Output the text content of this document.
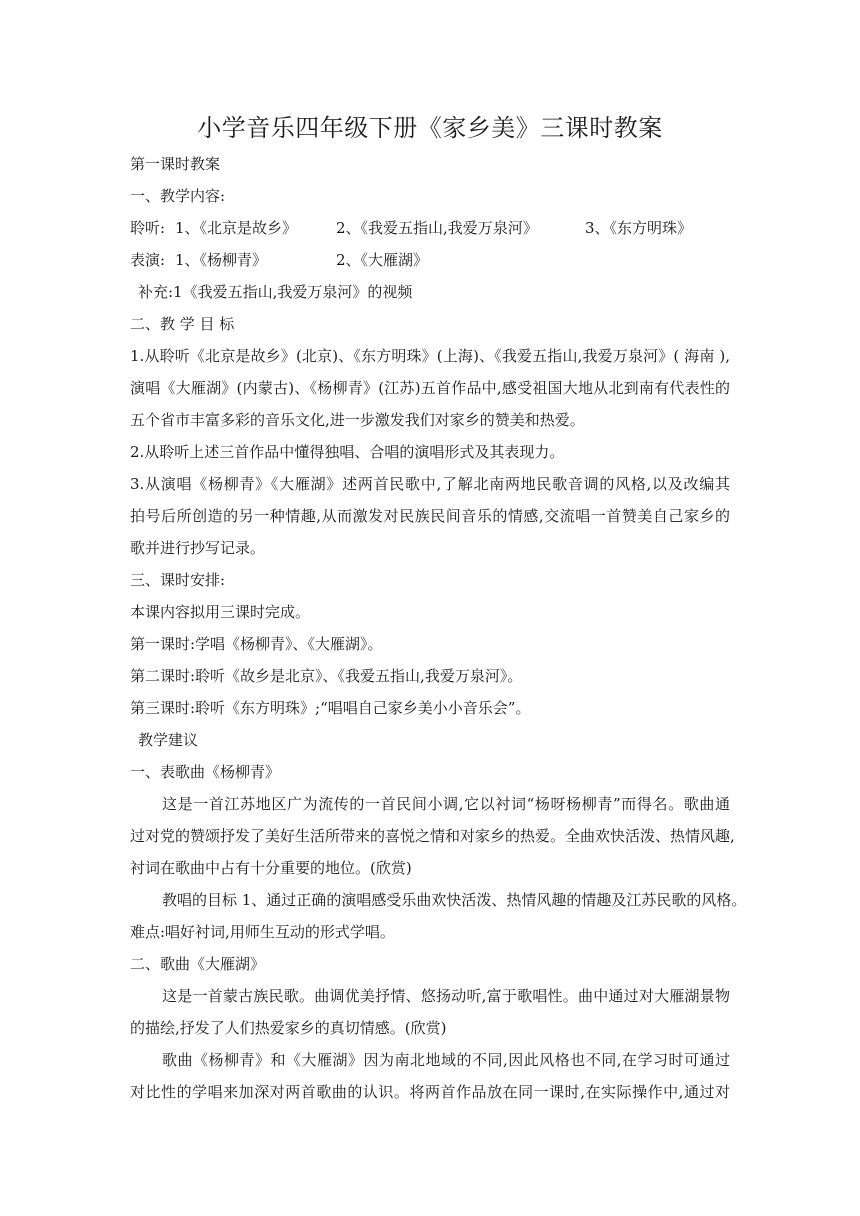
小学音乐四年级下册《家乡美》三课时教案
第一课时教案
一、教学内容:
聆听: 1、《北京是故乡》	2、《我爱五指山,我爱万泉河》	3、《东方明珠》
表演: 1、《杨柳青》	2、《大雁湖》
补充:1《我爱五指山,我爱万泉河》的视频
二、教 学 目 标
1.从聆听《北京是故乡》(北京)、《东方明珠》(上海)、《我爱五指山,我爱万泉河》( 海南 ),
演唱《大雁湖》(内蒙古)、《杨柳青》(江苏)五首作品中,感受祖国大地从北到南有代表性的
五个省市丰富多彩的音乐文化,进一步激发我们对家乡的赞美和热爱。
2.从聆听上述三首作品中懂得独唱、合唱的演唱形式及其表现力。
3.从演唱《杨柳青》《大雁湖》述两首民歌中,了解北南两地民歌音调的风格,以及改编其
拍号后所创造的另一种情趣,从而激发对民族民间音乐的情感,交流唱一首赞美自己家乡的
歌并进行抄写记录。
三、课时安排:
本课内容拟用三课时完成。
第一课时:学唱《杨柳青》、《大雁湖》。
第二课时:聆听《故乡是北京》、《我爱五指山,我爱万泉河》。
第三课时:聆听《东方明珠》;“唱唱自己家乡美小小音乐会”。
教学建议
一、表歌曲《杨柳青》
这是一首江苏地区广为流传的一首民间小调,它以衬词“杨呀杨柳青”而得名。歌曲通
过对党的赞颂抒发了美好生活所带来的喜悦之情和对家乡的热爱。全曲欢快活泼、热情风趣,
衬词在歌曲中占有十分重要的地位。(欣赏)
教唱的目标 1、通过正确的演唱感受乐曲欢快活泼、热情风趣的情趣及江苏民歌的风格。
难点:唱好衬词,用师生互动的形式学唱。
二、歌曲《大雁湖》
这是一首蒙古族民歌。曲调优美抒情、悠扬动听,富于歌唱性。曲中通过对大雁湖景物
的描绘,抒发了人们热爱家乡的真切情感。(欣赏)
歌曲《杨柳青》和《大雁湖》因为南北地域的不同,因此风格也不同,在学习时可通过
对比性的学唱来加深对两首歌曲的认识。将两首作品放在同一课时,在实际操作中,通过对
